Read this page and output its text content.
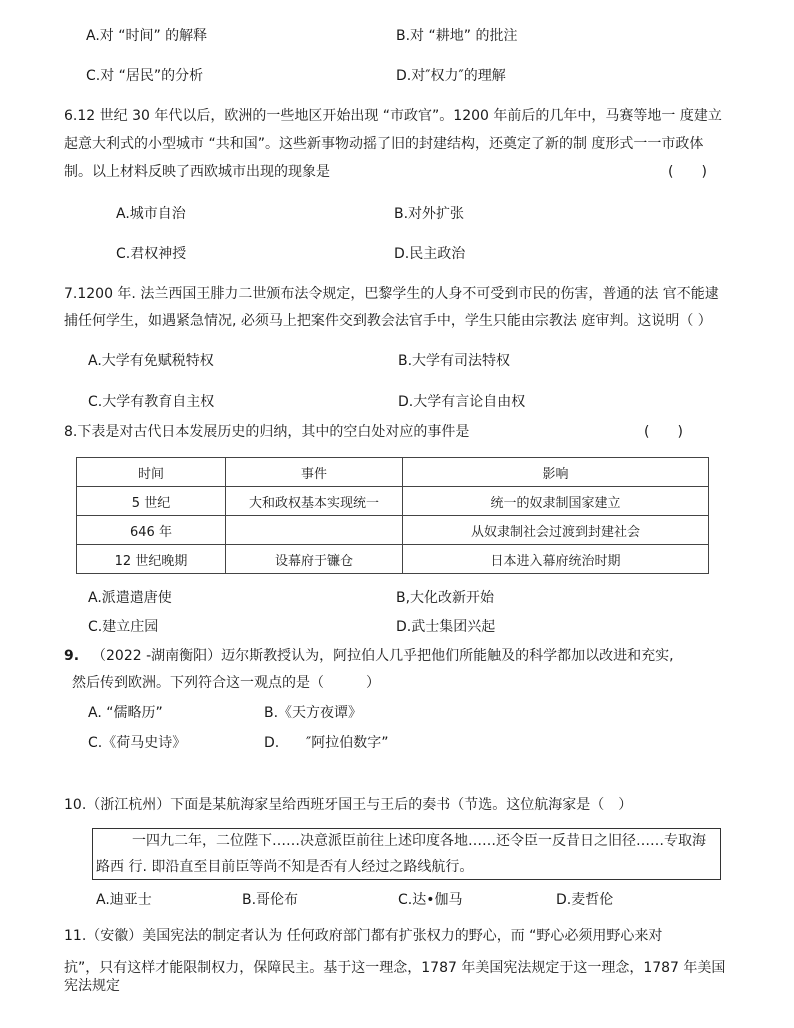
A.对 “时间” 的解释	B.对 “耕地” 的批注
C.对 “居民”的分析	D.对″权力″的理解
6.12 世纪 30 年代以后，欧洲的一些地区开始出现 “市政官”。1200 年前后的几年中，马赛等地一 度建立
起意大利式的小型城市 “共和国”。这些新事物动摇了旧的封建结构，还奠定了新的制 度形式一一市政体
制。以上材料反映了西欧城市出现的现象是	(　　)
A.城市自治	B.对外扩张
C.君权神授	D.民主政治
7.1200 年. 法兰西国王腓力二世颁布法令规定，巴黎学生的人身不可受到市民的伤害，普通的法 官不能逮
捕任何学生，如遇紧急情况, 必须马上把案件交到教会法官手中，学生只能由宗教法 庭审判。这说明（ ）
A.大学有免赋税特权	B.大学有司法特权
C.大学有教育自主权	D.大学有言论自由权
8.下表是对古代日本发展历史的归纳，其中的空白处对应的事件是	(　　)
时间	事件	影响
5 世纪	大和政权基本实现统一	统一的奴隶制国家建立
646 年		从奴隶制社会过渡到封建社会
12 世纪晚期	设幕府于镰仓	日本进入幕府统治时期
A.派遣遣唐使	B,大化改新开始
C.建立庄园	D.武士集团兴起
9. （2022 -湖南衡阳）迈尔斯教授认为，阿拉伯人几乎把他们所能触及的科学都加以改进和充实,
然后传到欧洲。下列符合这一观点的是（　　　）
A. “儒略历”	B.《天方夜谭》
C.《荷马史诗》	D. ″阿拉伯数字”
10.（浙江杭州）下面是某航海家呈给西班牙国王与王后的奏书（节选。这位航海家是（　）
一四九二年，二位陛下……决意派臣前往上述印度各地……还令臣一反昔日之旧径……专取海
路西 行. 即沿直至目前臣等尚不知是否有人经过之路线航行。
A.迪亚士	B.哥伦布	C.达•伽马	D.麦哲伦
11.（安徽）美国宪法的制定者认为 任何政府部门都有扩张权力的野心，而 “野心必须用野心来对
抗”，只有这样才能限制权力，保障民主。基于这一理念，1787 年美国宪法规定于这一理念，1787 年美国
宪法规定
